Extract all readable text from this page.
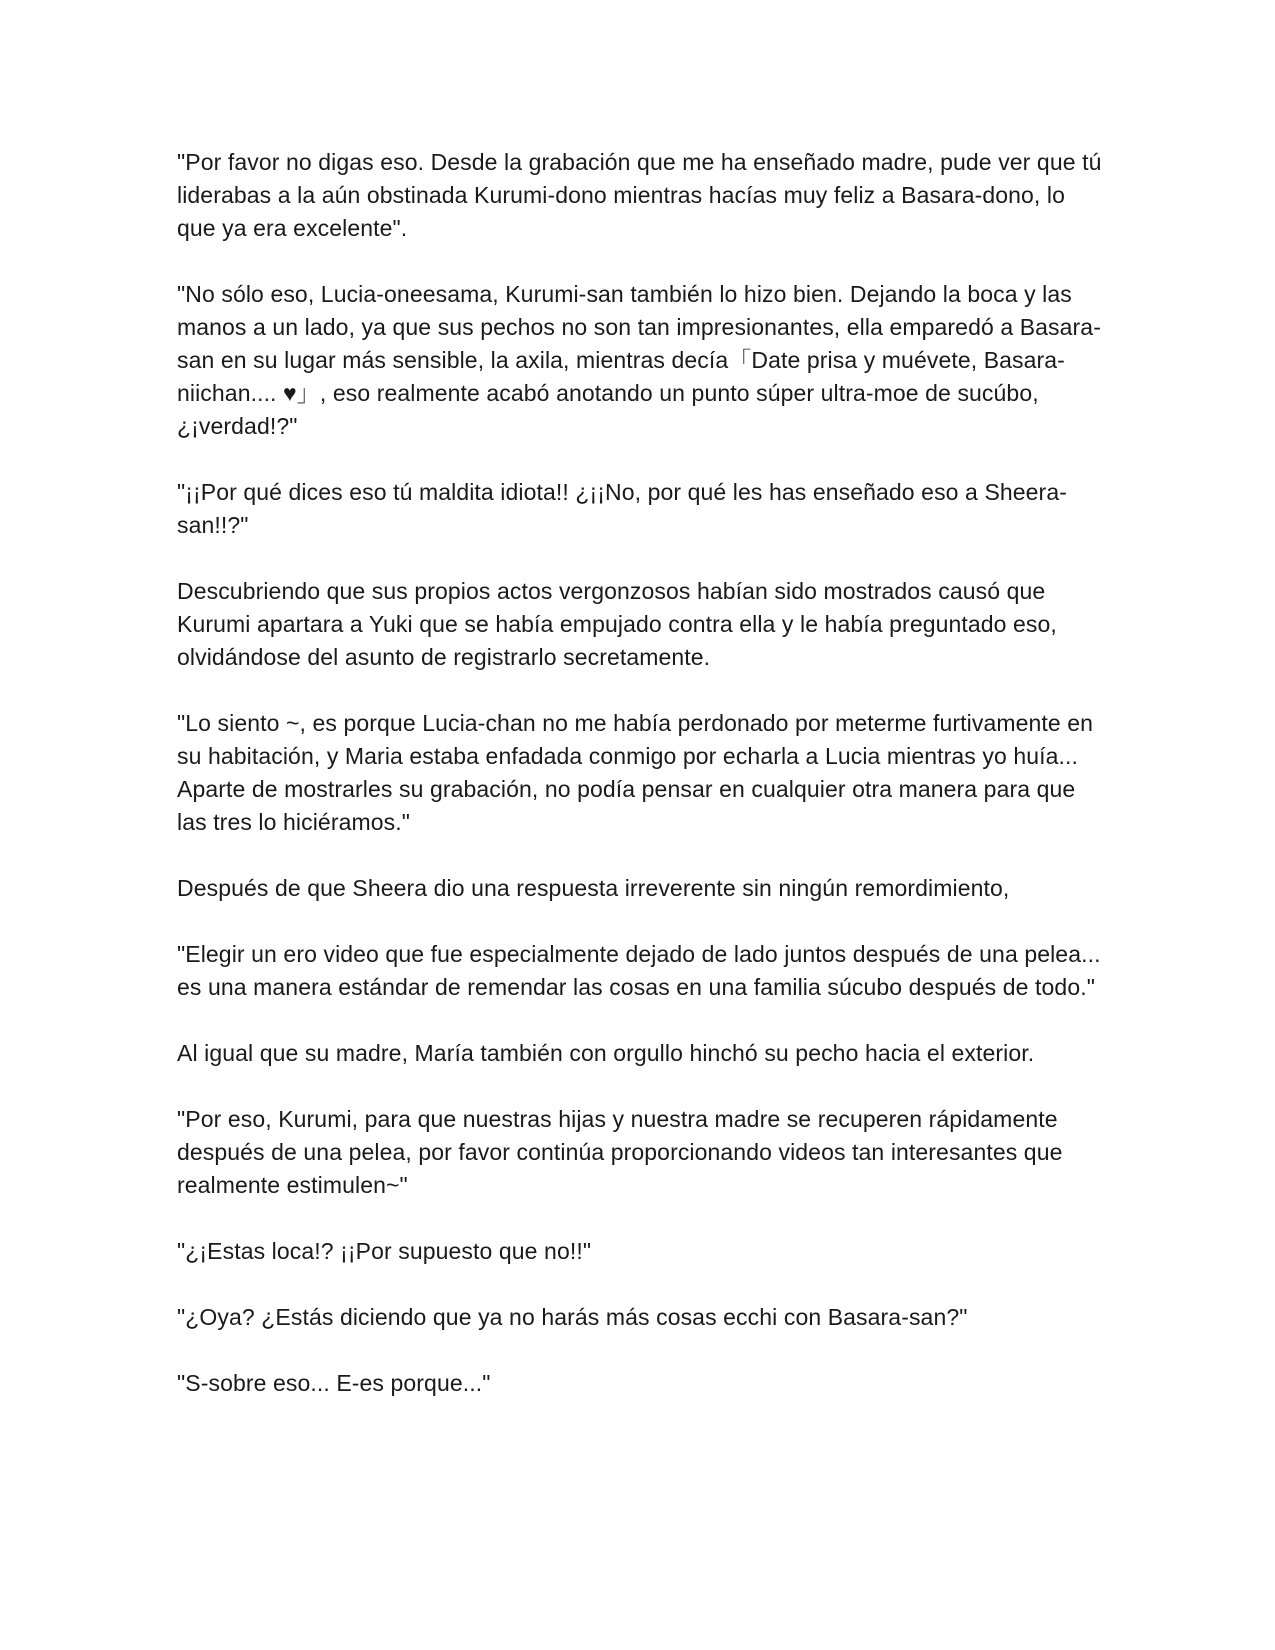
"Por favor no digas eso. Desde la grabación que me ha enseñado madre, pude ver que tú liderabas a la aún obstinada Kurumi-dono mientras hacías muy feliz a Basara-dono, lo que ya era excelente".

"No sólo eso, Lucia-oneesama, Kurumi-san también lo hizo bien. Dejando la boca y las manos a un lado, ya que sus pechos no son tan impresionantes, ella emparedó a Basara-san en su lugar más sensible, la axila, mientras decía「Date prisa y muévete, Basara-niichan.... ♥」, eso realmente acabó anotando un punto súper ultra-moe de sucúbo, ¿¡verdad!?"

"¡¡Por qué dices eso tú maldita idiota!! ¿¡¡No, por qué les has enseñado eso a Sheera-san!!?"

Descubriendo que sus propios actos vergonzosos habían sido mostrados causó que Kurumi apartara a Yuki que se había empujado contra ella y le había preguntado eso, olvidándose del asunto de registrarlo secretamente.

"Lo siento ~, es porque Lucia-chan no me había perdonado por meterme furtivamente en su habitación, y Maria estaba enfadada conmigo por echarla a Lucia mientras yo huía... Aparte de mostrarles su grabación, no podía pensar en cualquier otra manera para que las tres lo hiciéramos."

Después de que Sheera dio una respuesta irreverente sin ningún remordimiento,

"Elegir un ero video que fue especialmente dejado de lado juntos después de una pelea... es una manera estándar de remendar las cosas en una familia súcubo después de todo."

Al igual que su madre, María también con orgullo hinchó su pecho hacia el exterior.

"Por eso, Kurumi, para que nuestras hijas y nuestra madre se recuperen rápidamente después de una pelea, por favor continúa proporcionando videos tan interesantes que realmente estimulen~"

"¿¡Estas loca!? ¡¡Por supuesto que no!!"

"¿Oya? ¿Estás diciendo que ya no harás más cosas ecchi con Basara-san?"

"S-sobre eso... E-es porque..."
